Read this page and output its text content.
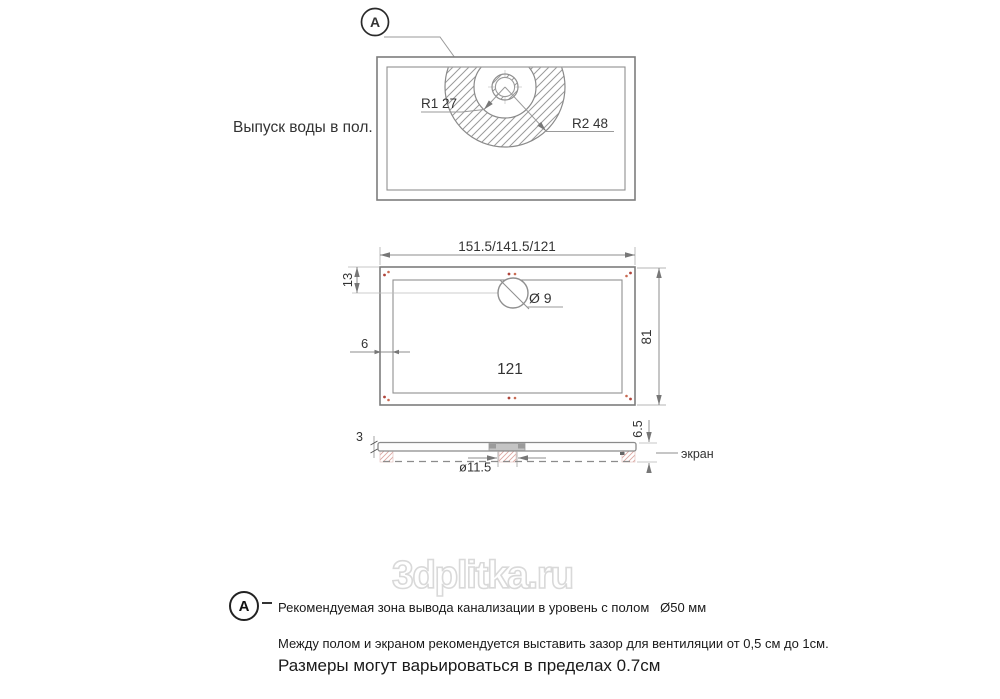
3dplitka.ru
A
Выпуск воды в пол.
R1 27
R2 48
151.5/141.5/121
Ø 9
13
6
121
81
ø11.5
3	6.5
экран
A Рекомендуемая зона вывода канализации в уровень с полом   Ø50 мм
Между полом и экраном рекомендуется выставить зазор для вентиляции от 0,5 см до 1см.
Размеры могут варьироваться в пределах 0.7см
